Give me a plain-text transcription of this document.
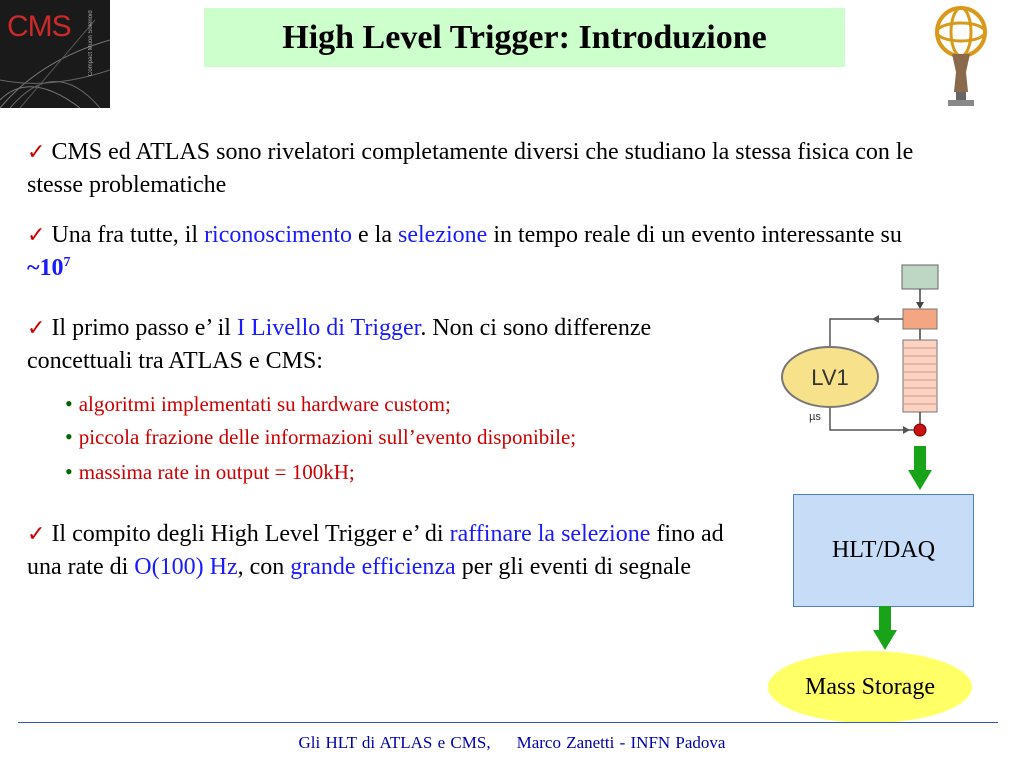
CMS	Compact Muon Solenoid	High Level Trigger: Introduzione
✓ CMS ed ATLAS sono rivelatori completamente diversi che studiano la stessa fisica con le stesse problematiche
✓ Una fra tutte, il riconoscimento e la selezione in tempo reale di un evento interessante su $\sim 10^7$
✓ Il primo passo e’ il I Livello di Trigger. Non ci sono differenze concettuali tra ATLAS e CMS:
• algoritmi implementati su hardware custom;
• piccola frazione delle informazioni sull’evento disponibile;
• massima rate in output = 100kH;
✓ Il compito degli High Level Trigger e’ di raffinare la selezione fino ad una rate di O(100) Hz, con grande efficienza per gli eventi di segnale
LV1
µs
HLT/DAQ
Mass Storage
Gli HLT di ATLAS e CMS, Marco Zanetti - INFN Padova
